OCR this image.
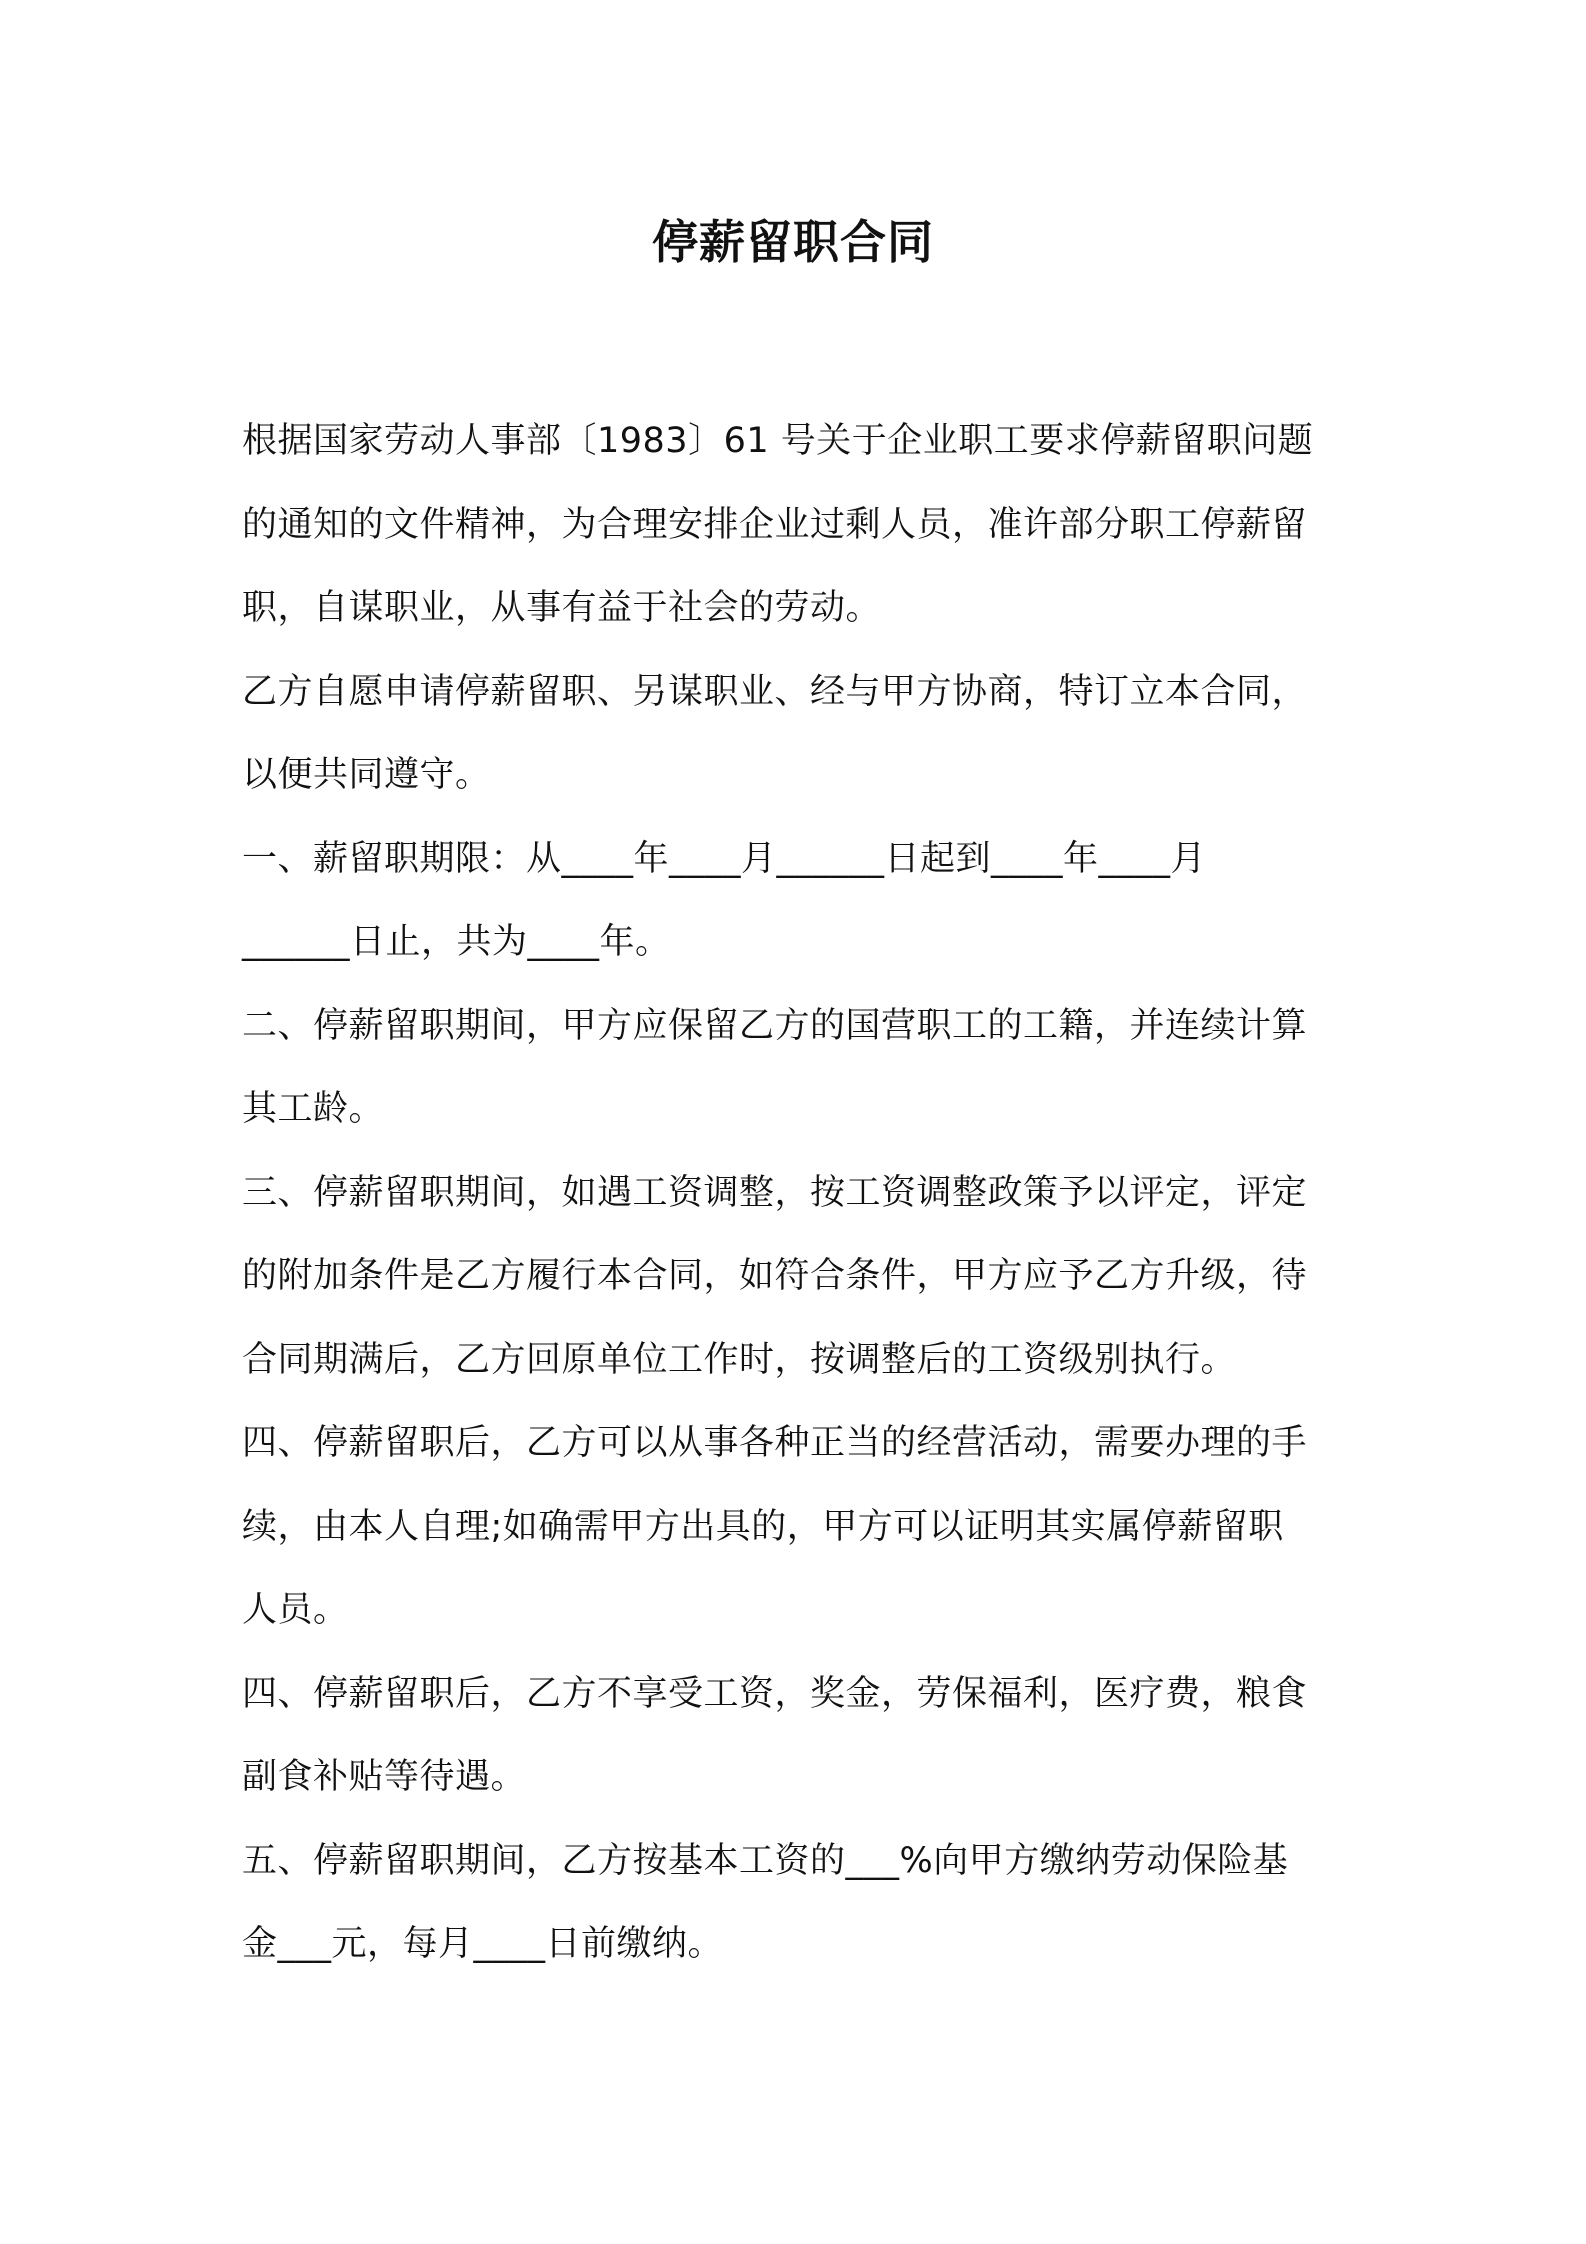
停薪留职合同

根据国家劳动人事部〔1983〕61 号关于企业职工要求停薪留职问题
的通知的文件精神，为合理安排企业过剩人员，准许部分职工停薪留
职，自谋职业，从事有益于社会的劳动。

乙方自愿申请停薪留职、另谋职业、经与甲方协商，特订立本合同，
以便共同遵守。

一、薪留职期限：从____年____月______日起到____年____月
______日止，共为____年。

二、停薪留职期间，甲方应保留乙方的国营职工的工籍，并连续计算
其工龄。

三、停薪留职期间，如遇工资调整，按工资调整政策予以评定，评定
的附加条件是乙方履行本合同，如符合条件，甲方应予乙方升级，待
合同期满后，乙方回原单位工作时，按调整后的工资级别执行。

四、停薪留职后，乙方可以从事各种正当的经营活动，需要办理的手
续，由本人自理;如确需甲方出具的，甲方可以证明其实属停薪留职
人员。

四、停薪留职后，乙方不享受工资，奖金，劳保福利，医疗费，粮食
副食补贴等待遇。

五、停薪留职期间，乙方按基本工资的___%向甲方缴纳劳动保险基
金___元，每月____日前缴纳。
